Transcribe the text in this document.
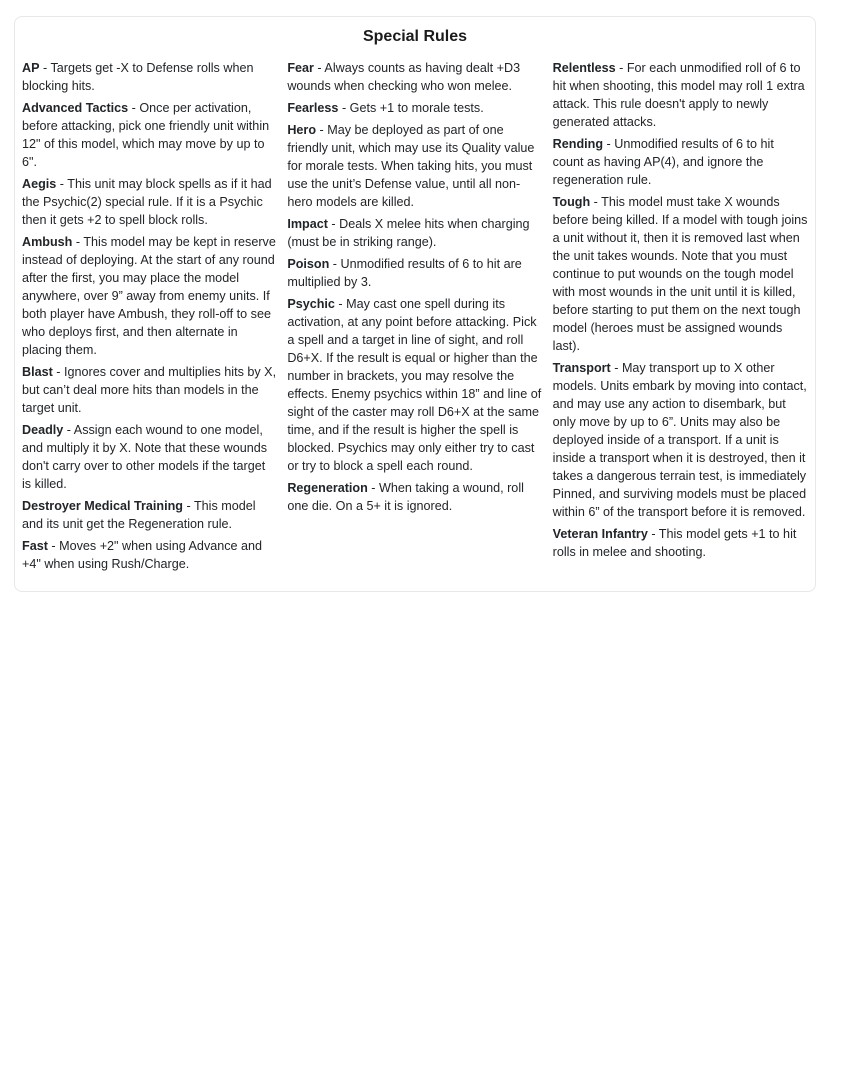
Special Rules

AP - Targets get -X to Defense rolls when blocking hits.

Advanced Tactics - Once per activation, before attacking, pick one friendly unit within 12" of this model, which may move by up to 6".

Aegis - This unit may block spells as if it had the Psychic(2) special rule. If it is a Psychic then it gets +2 to spell block rolls.

Ambush - This model may be kept in reserve instead of deploying. At the start of any round after the first, you may place the model anywhere, over 9” away from enemy units. If both player have Ambush, they roll-off to see who deploys first, and then alternate in placing them.

Blast - Ignores cover and multiplies hits by X, but can’t deal more hits than models in the target unit.

Deadly - Assign each wound to one model, and multiply it by X. Note that these wounds don't carry over to other models if the target is killed.

Destroyer Medical Training - This model and its unit get the Regeneration rule.

Fast - Moves +2" when using Advance and +4" when using Rush/Charge.

Fear - Always counts as having dealt +D3 wounds when checking who won melee.

Fearless - Gets +1 to morale tests.

Hero - May be deployed as part of one friendly unit, which may use its Quality value for morale tests. When taking hits, you must use the unit’s Defense value, until all non-hero models are killed.

Impact - Deals X melee hits when charging (must be in striking range).

Poison - Unmodified results of 6 to hit are multiplied by 3.

Psychic - May cast one spell during its activation, at any point before attacking. Pick a spell and a target in line of sight, and roll D6+X. If the result is equal or higher than the number in brackets, you may resolve the effects. Enemy psychics within 18” and line of sight of the caster may roll D6+X at the same time, and if the result is higher the spell is blocked. Psychics may only either try to cast or try to block a spell each round.

Regeneration - When taking a wound, roll one die. On a 5+ it is ignored.

Relentless - For each unmodified roll of 6 to hit when shooting, this model may roll 1 extra attack. This rule doesn't apply to newly generated attacks.

Rending - Unmodified results of 6 to hit count as having AP(4), and ignore the regeneration rule.

Tough - This model must take X wounds before being killed. If a model with tough joins a unit without it, then it is removed last when the unit takes wounds. Note that you must continue to put wounds on the tough model with most wounds in the unit until it is killed, before starting to put them on the next tough model (heroes must be assigned wounds last).

Transport - May transport up to X other models. Units embark by moving into contact, and may use any action to disembark, but only move by up to 6”. Units may also be deployed inside of a transport. If a unit is inside a transport when it is destroyed, then it takes a dangerous terrain test, is immediately Pinned, and surviving models must be placed within 6” of the transport before it is removed.

Veteran Infantry - This model gets +1 to hit rolls in melee and shooting.
